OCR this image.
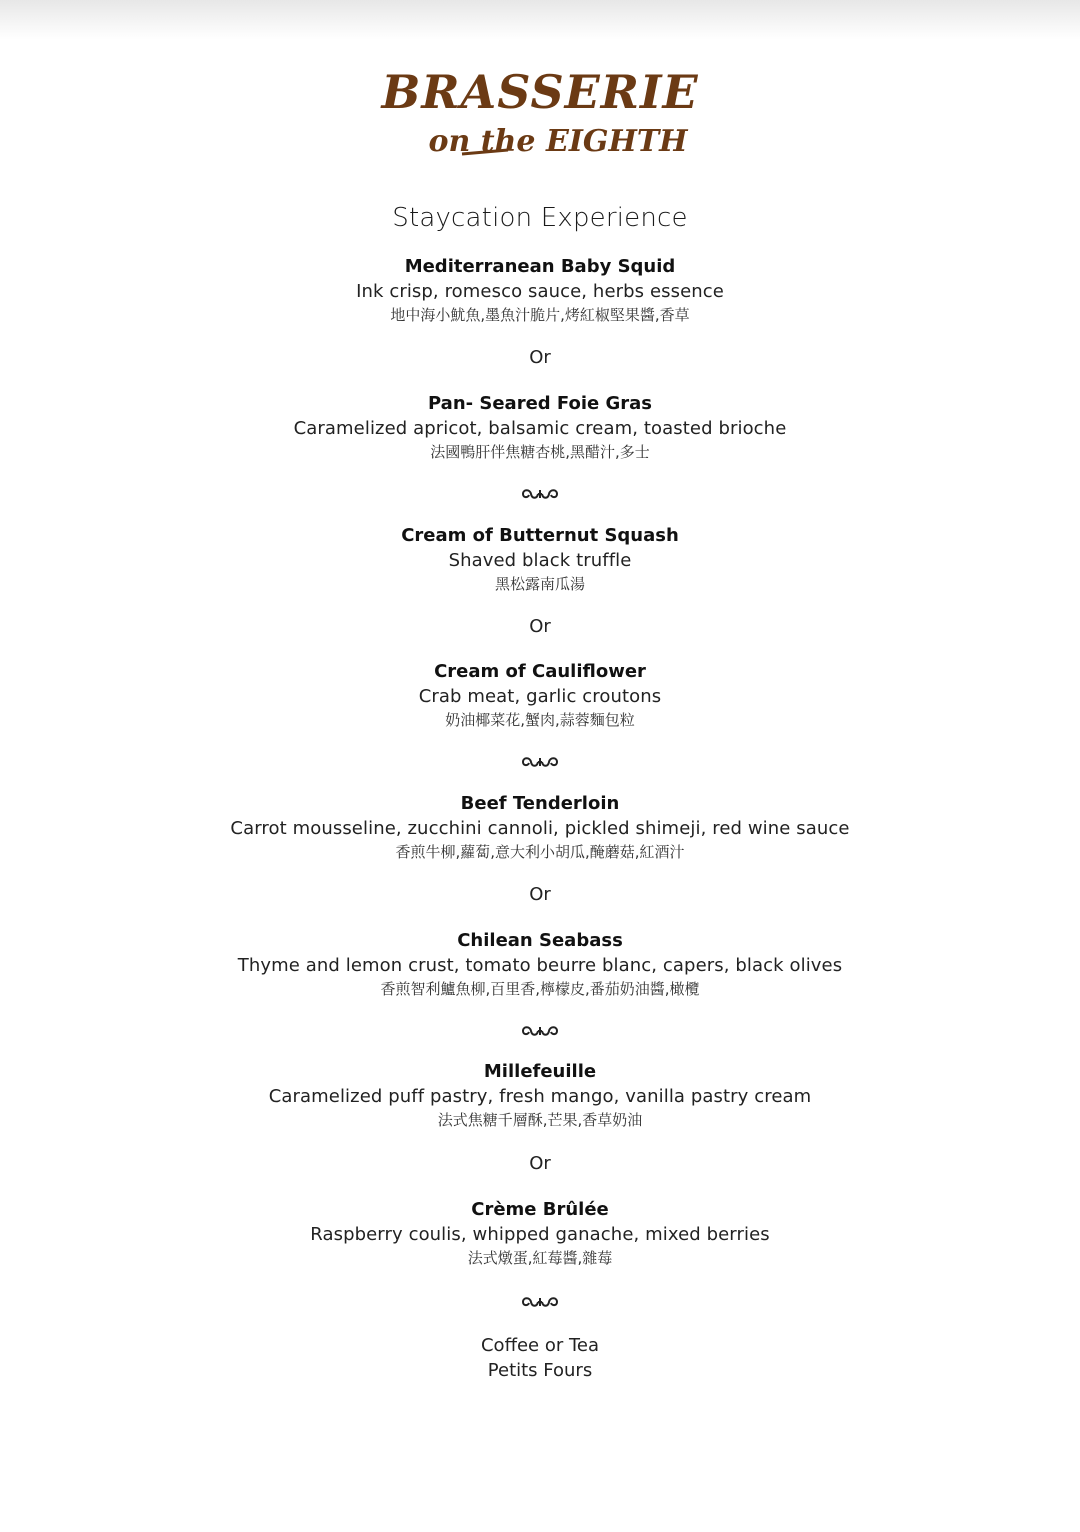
BRASSERIE
on the EIGHTH
Staycation Experience
Mediterranean Baby Squid
Ink crisp, romesco sauce, herbs essence
地中海小魷魚,墨魚汁脆片,烤紅椒堅果醬,香草
Or
Pan- Seared Foie Gras
Caramelized apricot, balsamic cream, toasted brioche
法國鴨肝伴焦糖杏桃,黑醋汁,多士
Cream of Butternut Squash
Shaved black truffle
黑松露南瓜湯
Or
Cream of Cauliflower
Crab meat, garlic croutons
奶油椰菜花,蟹肉,蒜蓉麵包粒
Beef Tenderloin
Carrot mousseline, zucchini cannoli, pickled shimeji, red wine sauce
香煎牛柳,蘿蔔,意大利小胡瓜,醃蘑菇,紅酒汁
Or
Chilean Seabass
Thyme and lemon crust, tomato beurre blanc, capers, black olives
香煎智利鱸魚柳,百里香,檸檬皮,番茄奶油醬,橄欖
Millefeuille
Caramelized puff pastry, fresh mango, vanilla pastry cream
法式焦糖千層酥,芒果,香草奶油
Or
Crème Brûlée
Raspberry coulis, whipped ganache, mixed berries
法式燉蛋,紅莓醬,雜莓
Coffee or Tea
Petits Fours
